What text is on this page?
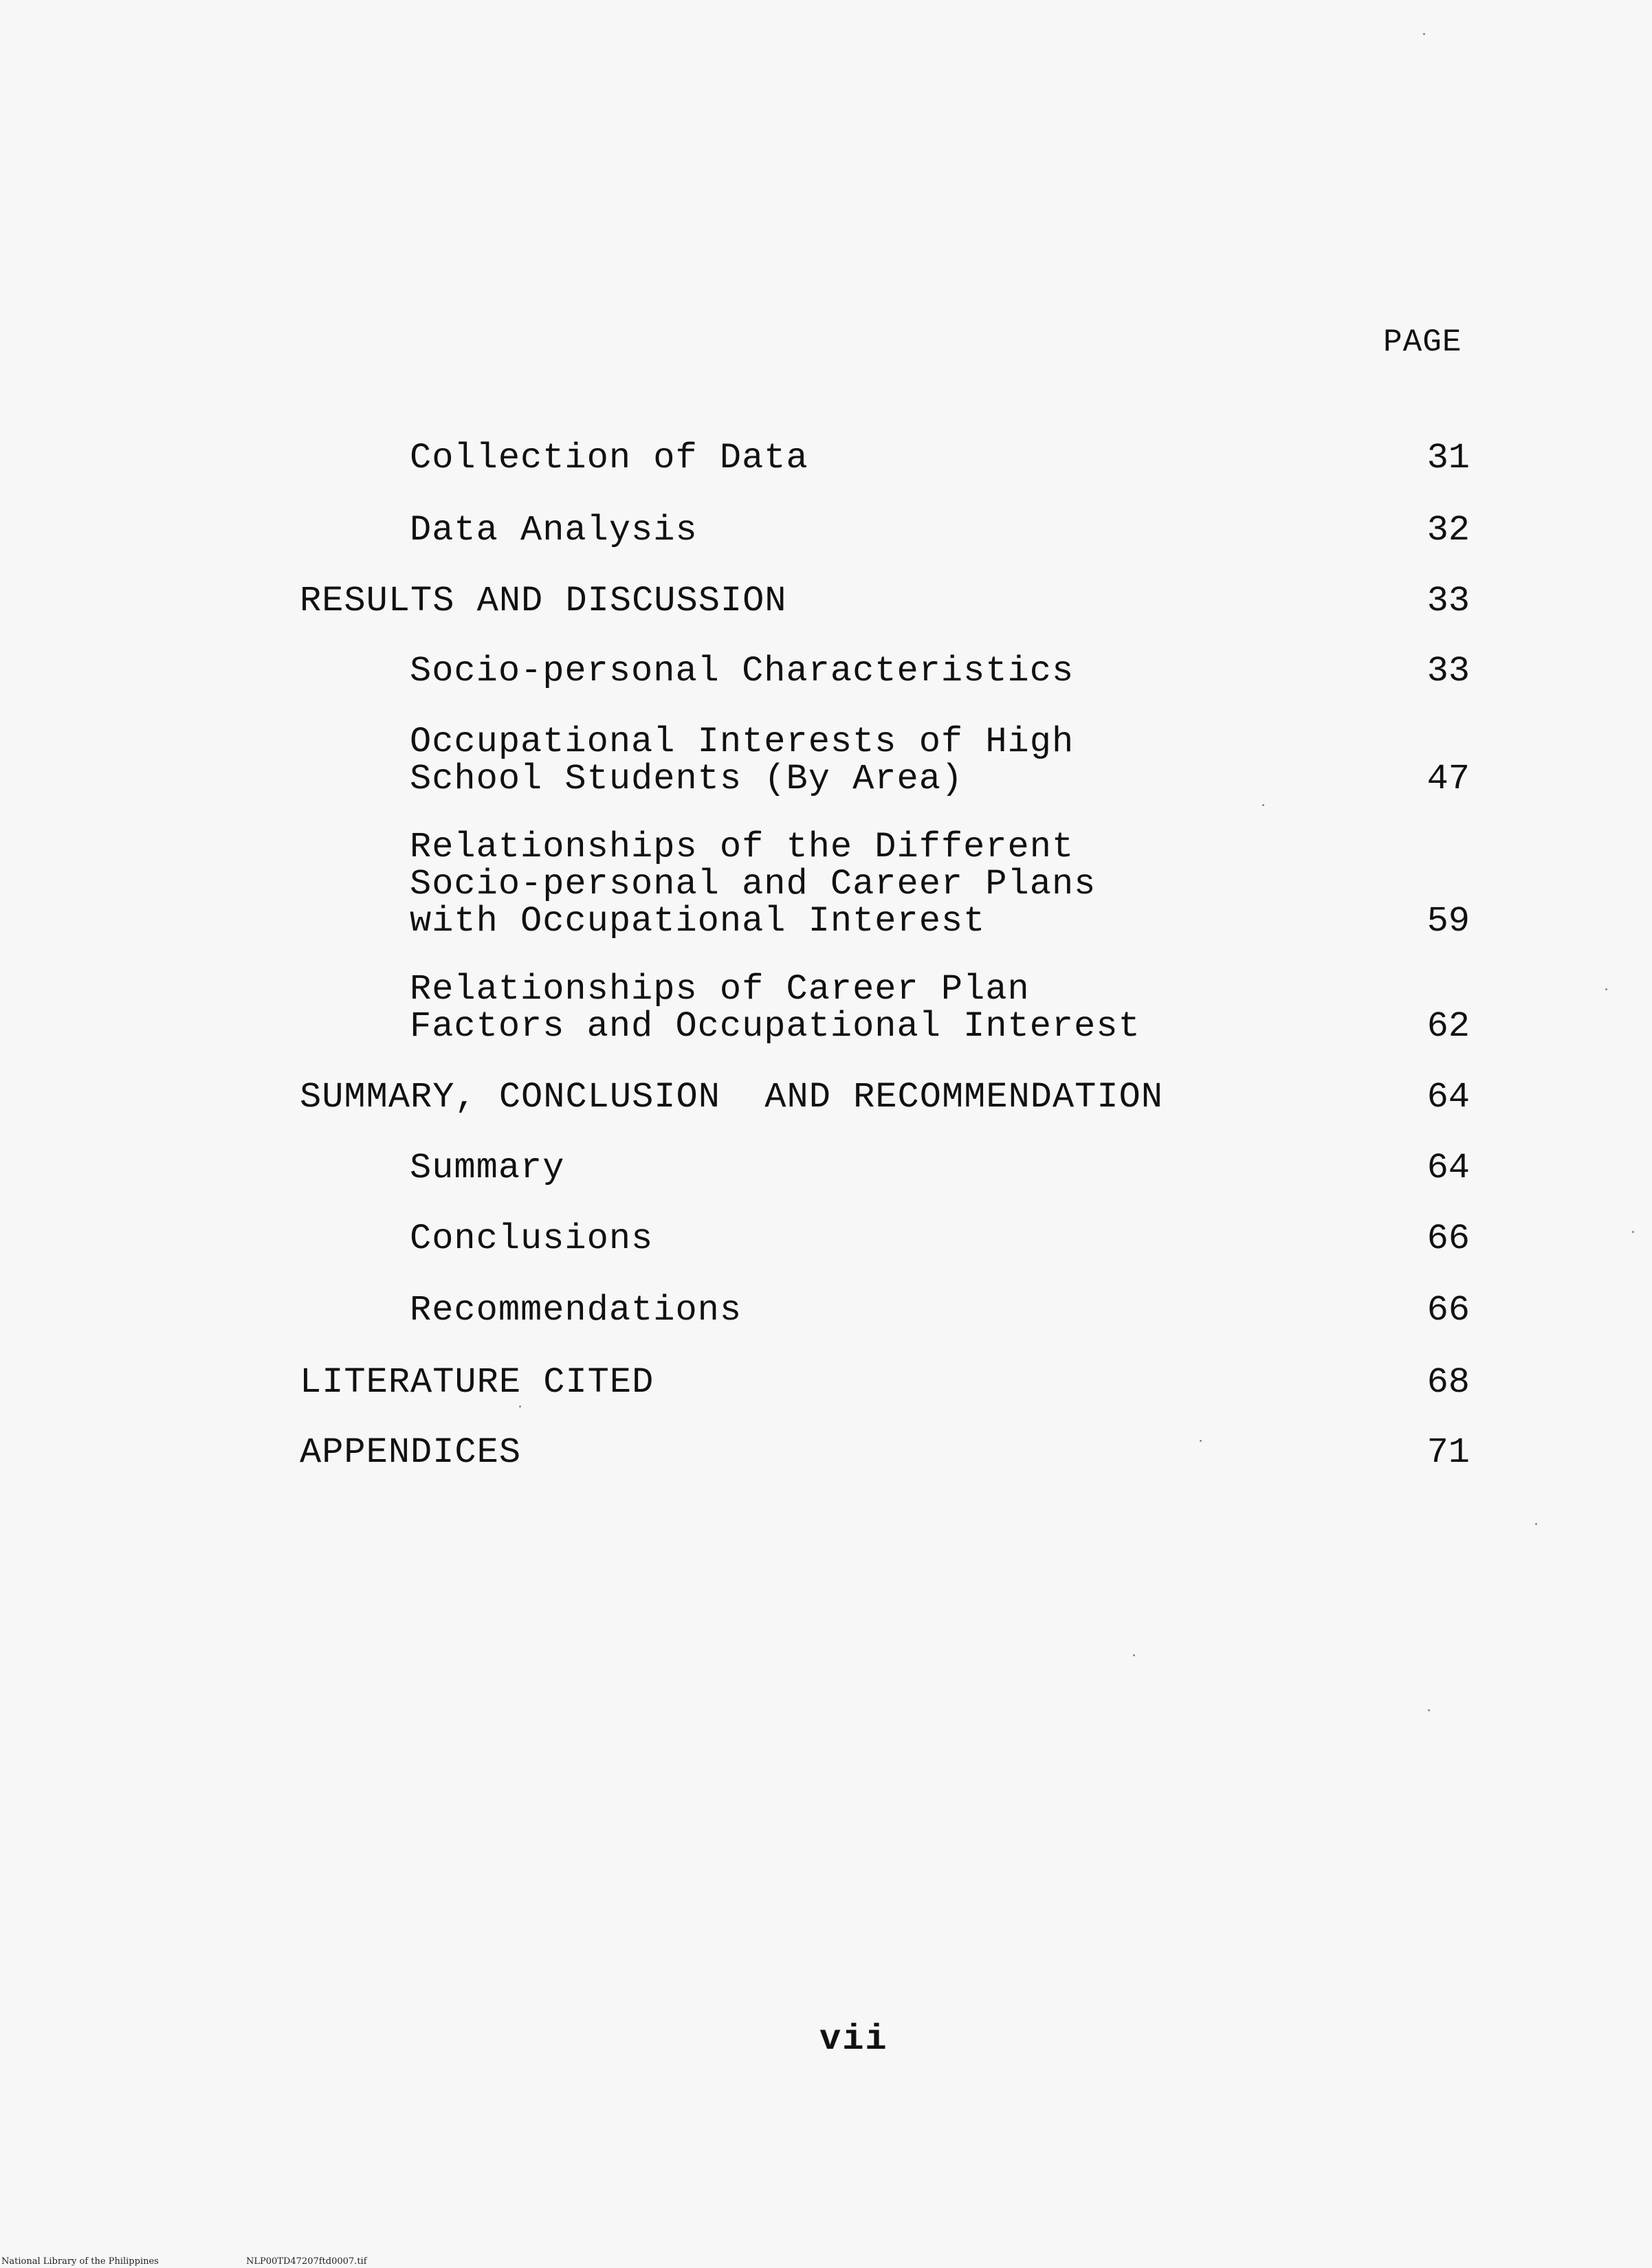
PAGE
Collection of Data	31
Data Analysis	32
RESULTS AND DISCUSSION	33
Socio-personal Characteristics	33
Occupational Interests of High
School Students (By Area)	47
Relationships of the Different
Socio-personal and Career Plans
with Occupational Interest	59
Relationships of Career Plan
Factors and Occupational Interest	62
SUMMARY, CONCLUSION  AND RECOMMENDATION	64
Summary	64
Conclusions	66
Recommendations	66
LITERATURE CITED	68
APPENDICES	71
vii
National Library of the Philippines	NLP00TD47207ftd0007.tif
